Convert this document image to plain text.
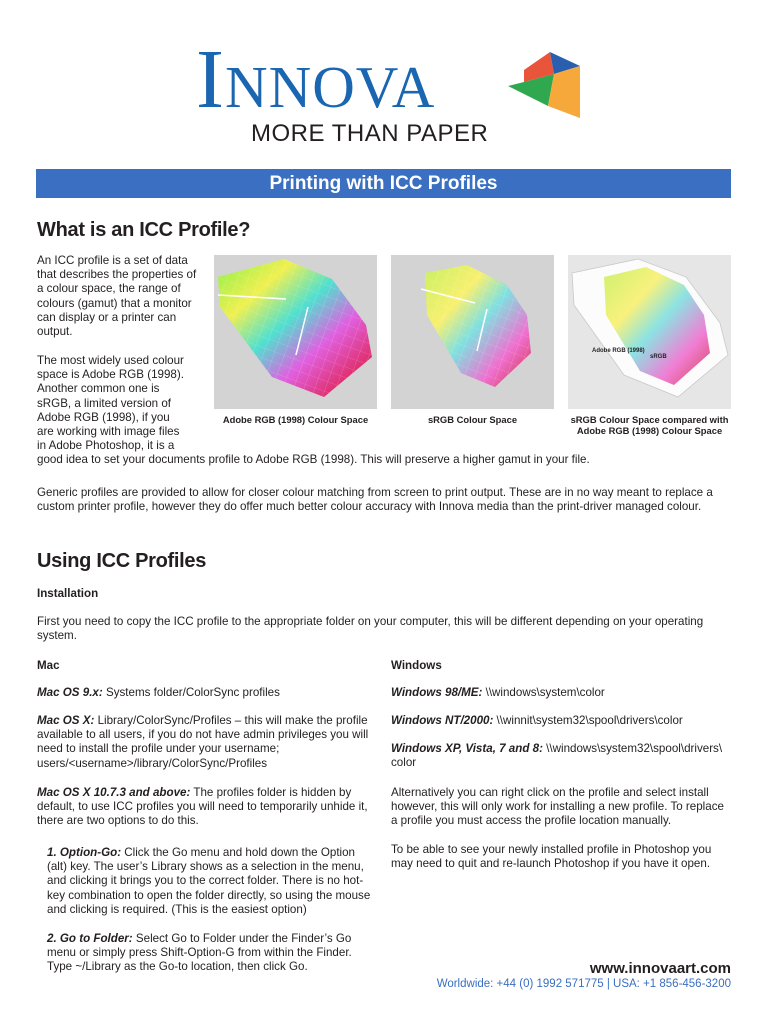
Innova
MORE THAN PAPER
Printing with ICC Profiles
What is an ICC Profile?

An ICC profile is a set of data that describes the properties of a colour space, the range of colours (gamut) that a monitor can display or a printer can output.

The most widely used colour
space is Adobe RGB (1998).
Another common one is
sRGB, a limited version of
Adobe RGB (1998), if you
are working with image files
in Adobe Photoshop, it is a
good idea to set your documents profile to Adobe RGB (1998). This will preserve a higher gamut in your file.
Adobe RGB (1998)
sRGB
Adobe RGB (1998) Colour Space	sRGB Colour Space	sRGB Colour Space compared with Adobe RGB (1998) Colour Space

Generic profiles are provided to allow for closer colour matching from screen to print output. These are in no way meant to replace a custom printer profile, however they do offer much better colour accuracy with Innova media than the print-driver managed colour.

Using ICC Profiles
Installation

First you need to copy the ICC profile to the appropriate folder on your computer, this will be different depending on your operating system.

Mac

Mac OS 9.x: Systems folder/ColorSync profiles

Mac OS X: Library/ColorSync/Profiles – this will make the profile available to all users, if you do not have admin privileges you will need to install the profile under your username; users/<username>/library/ColorSync/Profiles

Mac OS X 10.7.3 and above: The profiles folder is hidden by default, to use ICC profiles you will need to temporarily unhide it, there are two options to do this.

1. Option-Go: Click the Go menu and hold down the Option (alt) key. The user’s Library shows as a selection in the menu, and clicking it brings you to the correct folder. There is no hot-key combination to open the folder directly, so using the mouse and clicking is required. (This is the easiest option)

2. Go to Folder: Select Go to Folder under the Finder’s Go menu or simply press Shift-Option-G from within the Finder. Type ~/Library as the Go-to location, then click Go.

Windows

Windows 98/ME: \\windows\system\color

Windows NT/2000: \\winnit\system32\spool\drivers\color

Windows XP, Vista, 7 and 8: \\windows\system32\spool\drivers\ color

Alternatively you can right click on the profile and select install however, this will only work for installing a new profile. To replace a profile you must access the profile location manually.

To be able to see your newly installed profile in Photoshop you may need to quit and re-launch Photoshop if you have it open.

www.innovaart.com
Worldwide: +44 (0) 1992 571775 | USA: +1 856-456-3200
